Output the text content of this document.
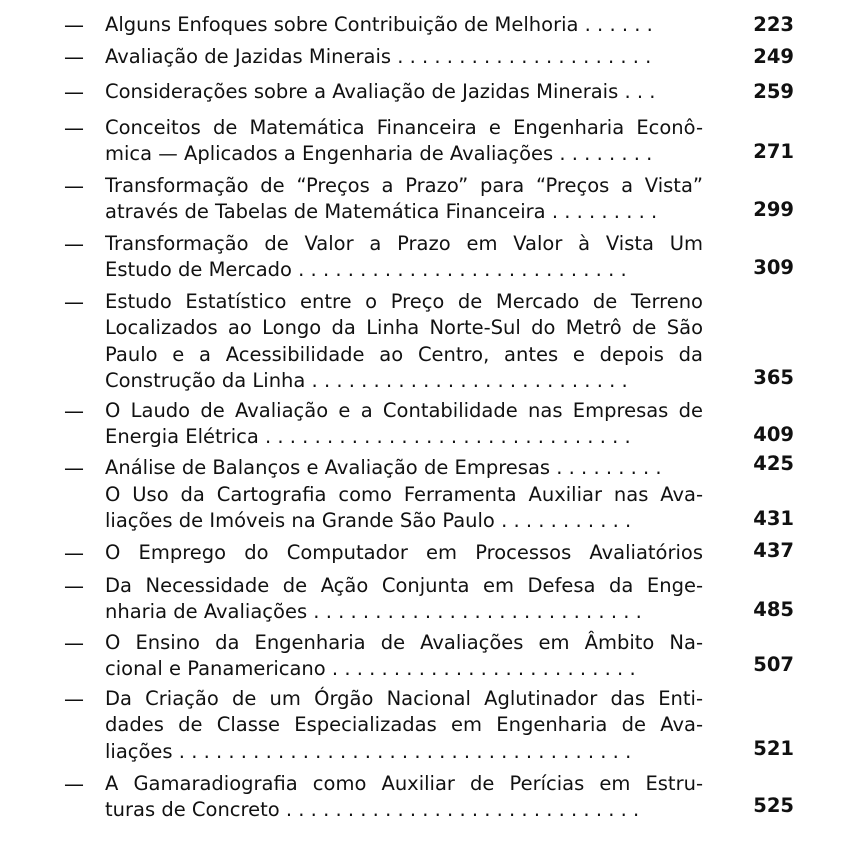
— Alguns Enfoques sobre Contribuição de Melhoria . . . . . .	223
— Avaliação de Jazidas Minerais . . . . . . . . . . . . . . . . . . . . .	249
— Considerações sobre a Avaliação de Jazidas Minerais . . .	259
— Conceitos de Matemática Financeira e Engenharia Econô-
mica — Aplicados a Engenharia de Avaliações . . . . . . . .	271
— Transformação de “Preços a Prazo” para “Preços a Vista”
através de Tabelas de Matemática Financeira . . . . . . . . .	299
— Transformação de Valor a Prazo em Valor à Vista Um
Estudo de Mercado . . . . . . . . . . . . . . . . . . . . . . . . . . .	309
— Estudo Estatístico entre o Preço de Mercado de Terreno
Localizados ao Longo da Linha Norte-Sul do Metrô de São
Paulo e a Acessibilidade ao Centro, antes e depois da
Construção da Linha . . . . . . . . . . . . . . . . . . . . . . . . . .	365
— O Laudo de Avaliação e a Contabilidade nas Empresas de
Energia Elétrica . . . . . . . . . . . . . . . . . . . . . . . . . . . . . .	409
— Análise de Balanços e Avaliação de Empresas . . . . . . . . .	425
O Uso da Cartografia como Ferramenta Auxiliar nas Ava-
liações de Imóveis na Grande São Paulo . . . . . . . . . . .	431
— O Emprego do Computador em Processos Avaliatórios	437
— Da Necessidade de Ação Conjunta em Defesa da Enge-
nharia de Avaliações . . . . . . . . . . . . . . . . . . . . . . . . . . .	485
— O Ensino da Engenharia de Avaliações em Âmbito Na-
cional e Panamericano . . . . . . . . . . . . . . . . . . . . . . . . .	507
— Da Criação de um Órgão Nacional Aglutinador das Enti-
dades de Classe Especializadas em Engenharia de Ava-
liações . . . . . . . . . . . . . . . . . . . . . . . . . . . . . . . . . . . . .	521
— A Gamaradiografia como Auxiliar de Perícias em Estru-
turas de Concreto . . . . . . . . . . . . . . . . . . . . . . . . . . . . .	525
